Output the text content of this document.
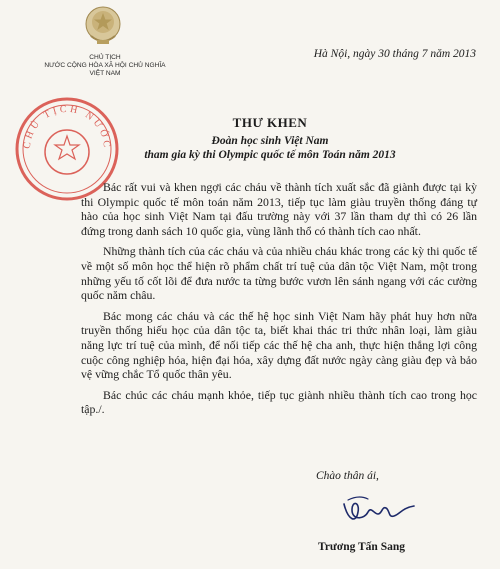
CHỦ TỊCH
NƯỚC CỘNG HÒA XÃ HỘI CHỦ NGHĨA
VIỆT NAM
Hà Nội, ngày 30 tháng 7 năm 2013
CHỦ TỊCH NƯỚC
THƯ KHEN
Đoàn học sinh Việt Nam
tham gia kỳ thi Olympic quốc tế môn Toán năm 2013

Bác rất vui và khen ngợi các cháu về thành tích xuất sắc đã giành được tại kỳ thi Olympic quốc tế môn toán năm 2013, tiếp tục làm giàu truyền thống đáng tự hào của học sinh Việt Nam tại đấu trường này với 37 lần tham dự thì có 26 lần đứng trong danh sách 10 quốc gia, vùng lãnh thổ có thành tích cao nhất.

Những thành tích của các cháu và của nhiều cháu khác trong các kỳ thi quốc tế về một số môn học thể hiện rõ phẩm chất trí tuệ của dân tộc Việt Nam, một trong những yếu tố cốt lõi để đưa nước ta từng bước vươn lên sánh ngang với các cường quốc năm châu.

Bác mong các cháu và các thế hệ học sinh Việt Nam hãy phát huy hơn nữa truyền thống hiếu học của dân tộc ta, biết khai thác tri thức nhân loại, làm giàu năng lực trí tuệ của mình, để nối tiếp các thế hệ cha anh, thực hiện thắng lợi công cuộc công nghiệp hóa, hiện đại hóa, xây dựng đất nước ngày càng giàu đẹp và bảo vệ vững chắc Tổ quốc thân yêu.

Bác chúc các cháu mạnh khỏe, tiếp tục giành nhiều thành tích cao trong học tập./.

Chào thân ái,
Trương Tấn Sang
